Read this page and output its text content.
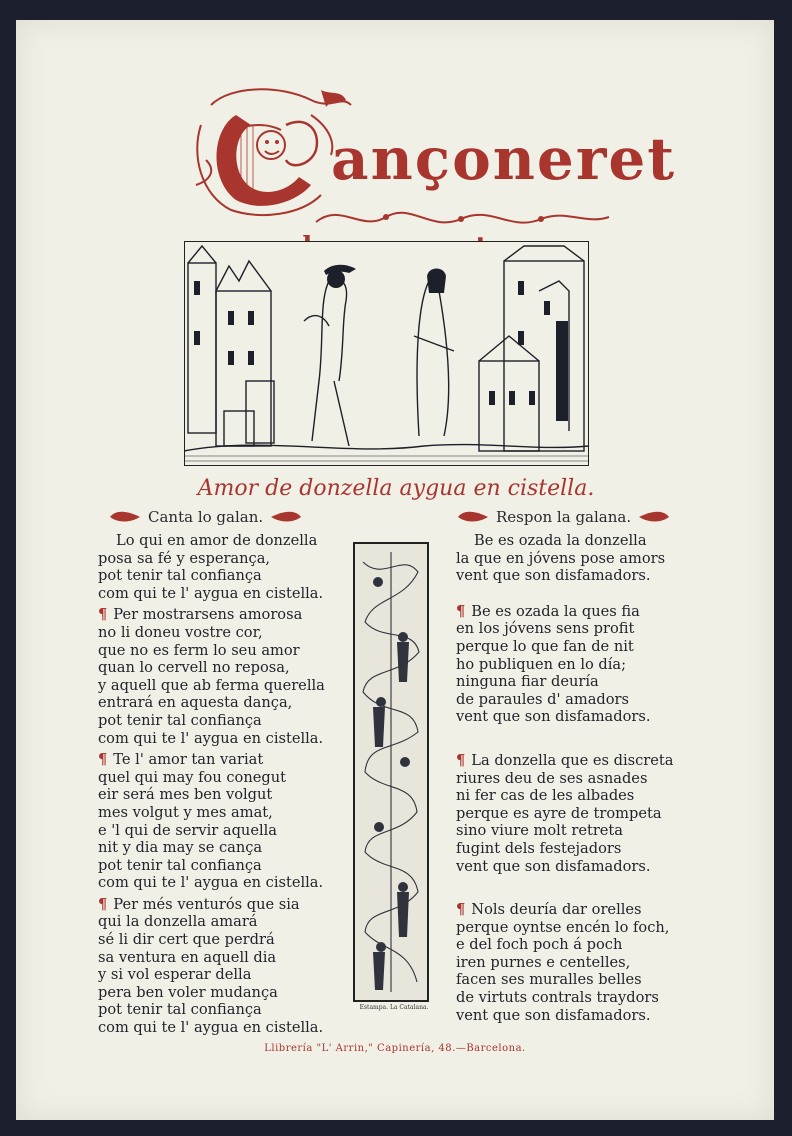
ançoneret
Amor de donzella aygua en cistella.
Canta lo galan.	Respon la galana.
Lo qui en amor de donzella
posa sa fé y esperança,
pot tenir tal confiança
com qui te l' aygua en cistella.
¶ Per mostrarsens amorosa
no li doneu vostre cor,
que no es ferm lo seu amor
quan lo cervell no reposa,
y aquell que ab ferma querella
entrará en aquesta dança,
pot tenir tal confiança
com qui te l' aygua en cistella.
¶ Te l' amor tan variat
quel qui may fou conegut
eir será mes ben volgut
mes volgut y mes amat,
e 'l qui de servir aquella
nit y dia may se cança
pot tenir tal confiança
com qui te l' aygua en cistella.
¶ Per més venturós que sia
qui la donzella amará
sé li dir cert que perdrá
sa ventura en aquell dia
y si vol esperar della
pera ben voler mudança
pot tenir tal confiança
com qui te l' aygua en cistella.
Be es ozada la donzella
la que en jóvens pose amors
vent que son disfamadors.
¶ Be es ozada la ques fia
en los jóvens sens profit
perque lo que fan de nit
ho publiquen en lo día;
ninguna fiar deuría
de paraules d' amadors
vent que son disfamadors.
¶ La donzella que es discreta
riures deu de ses asnades
ni fer cas de les albades
perque es ayre de trompeta
sino viure molt retreta
fugint dels festejadors
vent que son disfamadors.
¶ Nols deuría dar orelles
perque oyntse encén lo foch,
e del foch poch á poch
iren purnes e centelles,
facen ses muralles belles
de virtuts contrals traydors
vent que son disfamadors.
Estampa. La Catalana.
Llibrería "L' Arrin," Capinería, 48.—Barcelona.
